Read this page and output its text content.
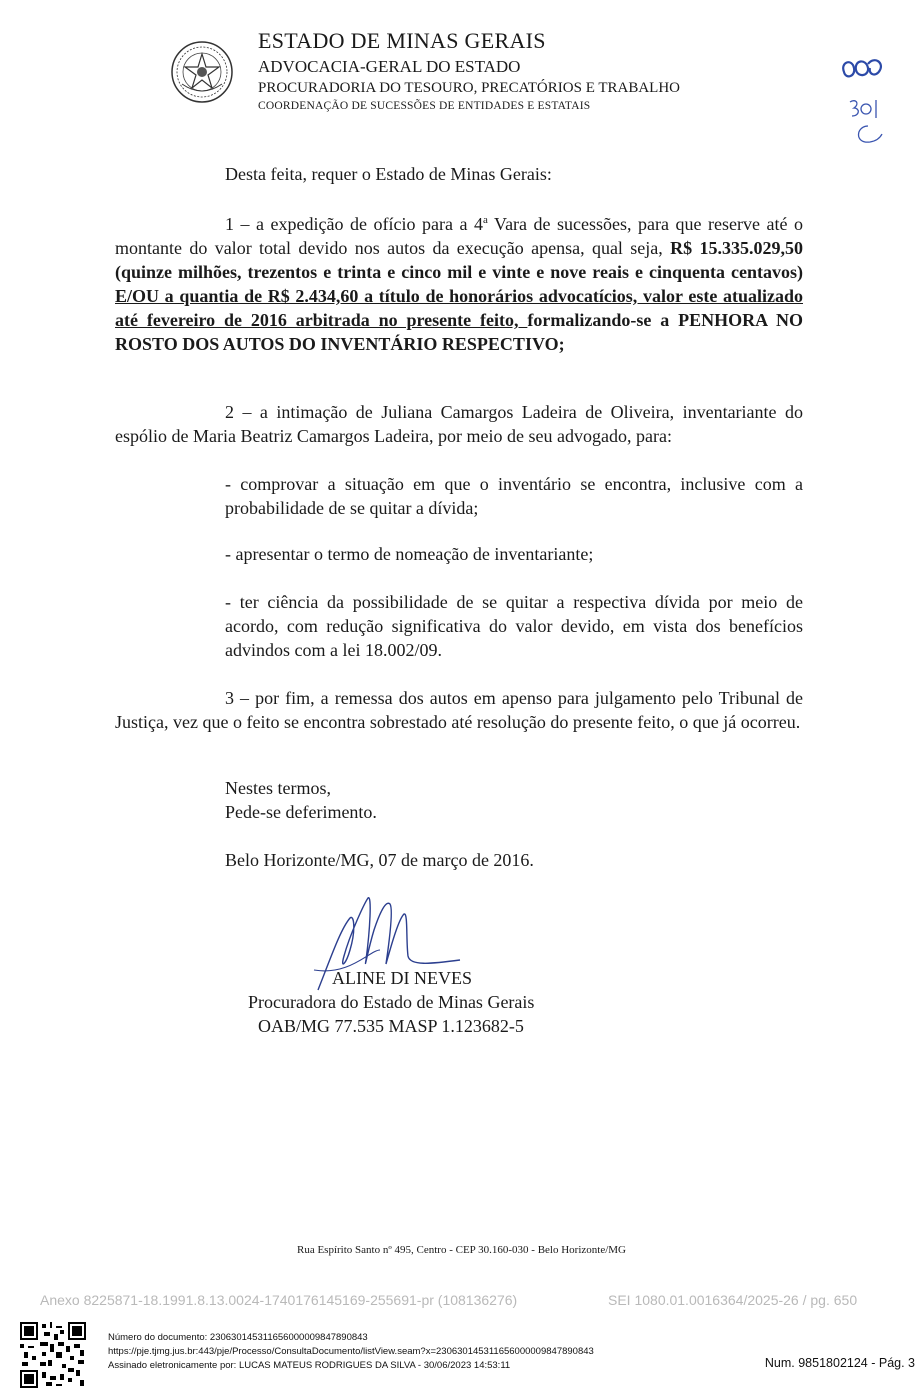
ESTADO DE MINAS GERAIS
ADVOCACIA-GERAL DO ESTADO
PROCURADORIA DO TESOURO, PRECATÓRIOS E TRABALHO
COORDENAÇÃO DE SUCESSÕES DE ENTIDADES E ESTATAIS
Desta feita, requer o Estado de Minas Gerais:
1 – a expedição de ofício para a 4$^a$ Vara de sucessões, para que reserve até o montante do valor total devido nos autos da execução apensa, qual seja, R$ 15.335.029,50 (quinze milhões, trezentos e trinta e cinco mil e vinte e nove reais e cinquenta centavos) E/OU a quantia de R$ 2.434,60 a título de honorários advocatícios, valor este atualizado até fevereiro de 2016 arbitrada no presente feito, formalizando-se a PENHORA NO ROSTO DOS AUTOS DO INVENTÁRIO RESPECTIVO;
2 – a intimação de Juliana Camargos Ladeira de Oliveira, inventariante do espólio de Maria Beatriz Camargos Ladeira, por meio de seu advogado, para:
- comprovar a situação em que o inventário se encontra, inclusive com a probabilidade de se quitar a dívida;
- apresentar o termo de nomeação de inventariante;
- ter ciência da possibilidade de se quitar a respectiva dívida por meio de acordo, com redução significativa do valor devido, em vista dos benefícios advindos com a lei 18.002/09.
3 – por fim, a remessa dos autos em apenso para julgamento pelo Tribunal de Justiça, vez que o feito se encontra sobrestado até resolução do presente feito, o que já ocorreu.
Nestes termos,
Pede-se deferimento.
Belo Horizonte/MG, 07 de março de 2016.
ALINE DI NEVES
Procuradora do Estado de Minas Gerais
OAB/MG 77.535 MASP 1.123682-5
Rua Espírito Santo nº 495, Centro - CEP 30.160-030 - Belo Horizonte/MG
Anexo 8225871-18.1991.8.13.0024-1740176145169-255691-pr (108136276)	SEI 1080.01.0016364/2025-26 / pg. 650
Número do documento: 230630145311656000009847890843
https://pje.tjmg.jus.br:443/pje/Processo/ConsultaDocumento/listView.seam?x=230630145311656000009847890843
Assinado eletronicamente por: LUCAS MATEUS RODRIGUES DA SILVA - 30/06/2023 14:53:11	Num. 9851802124 - Pág. 3
